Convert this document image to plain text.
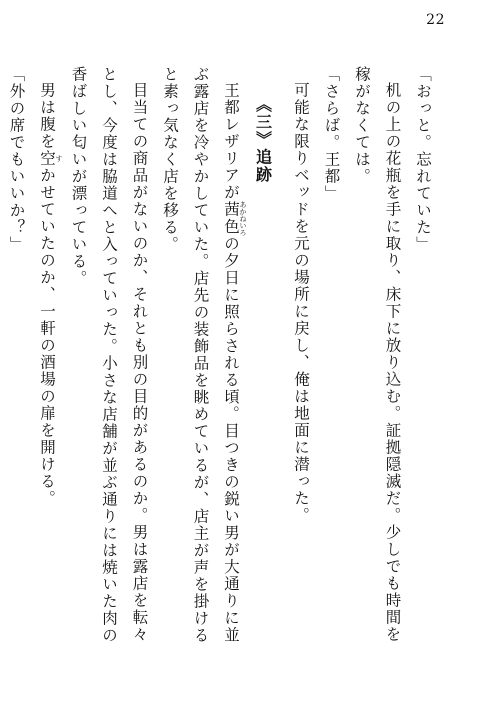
22

「おっと。忘れていた」

机の上の花瓶を手に取り、床下に放り込む。証拠隠滅だ。少しでも時間を稼がなくては。

「さらば。王都」

可能な限りベッドを元の場所に戻し、俺は地面に潜った。

《三》追跡

王都レザリアが茜色 あかねいろの夕日に照らされる頃。目つきの鋭い男が大通りに並ぶ露店を冷やかしていた。店先の装飾品を眺めているが、店主が声を掛けると素っ気なく店を移る。

目当ての商品がないのか、それとも別の目的があるのか。男は露店を転々とし、今度は脇道へと入っていった。小さな店舗が並ぶ通りには焼いた肉の香ばしい匂いが漂っている。

男は腹を空 すかせていたのか、一軒の酒場の扉を開ける。

「外の席でもいいか？」
